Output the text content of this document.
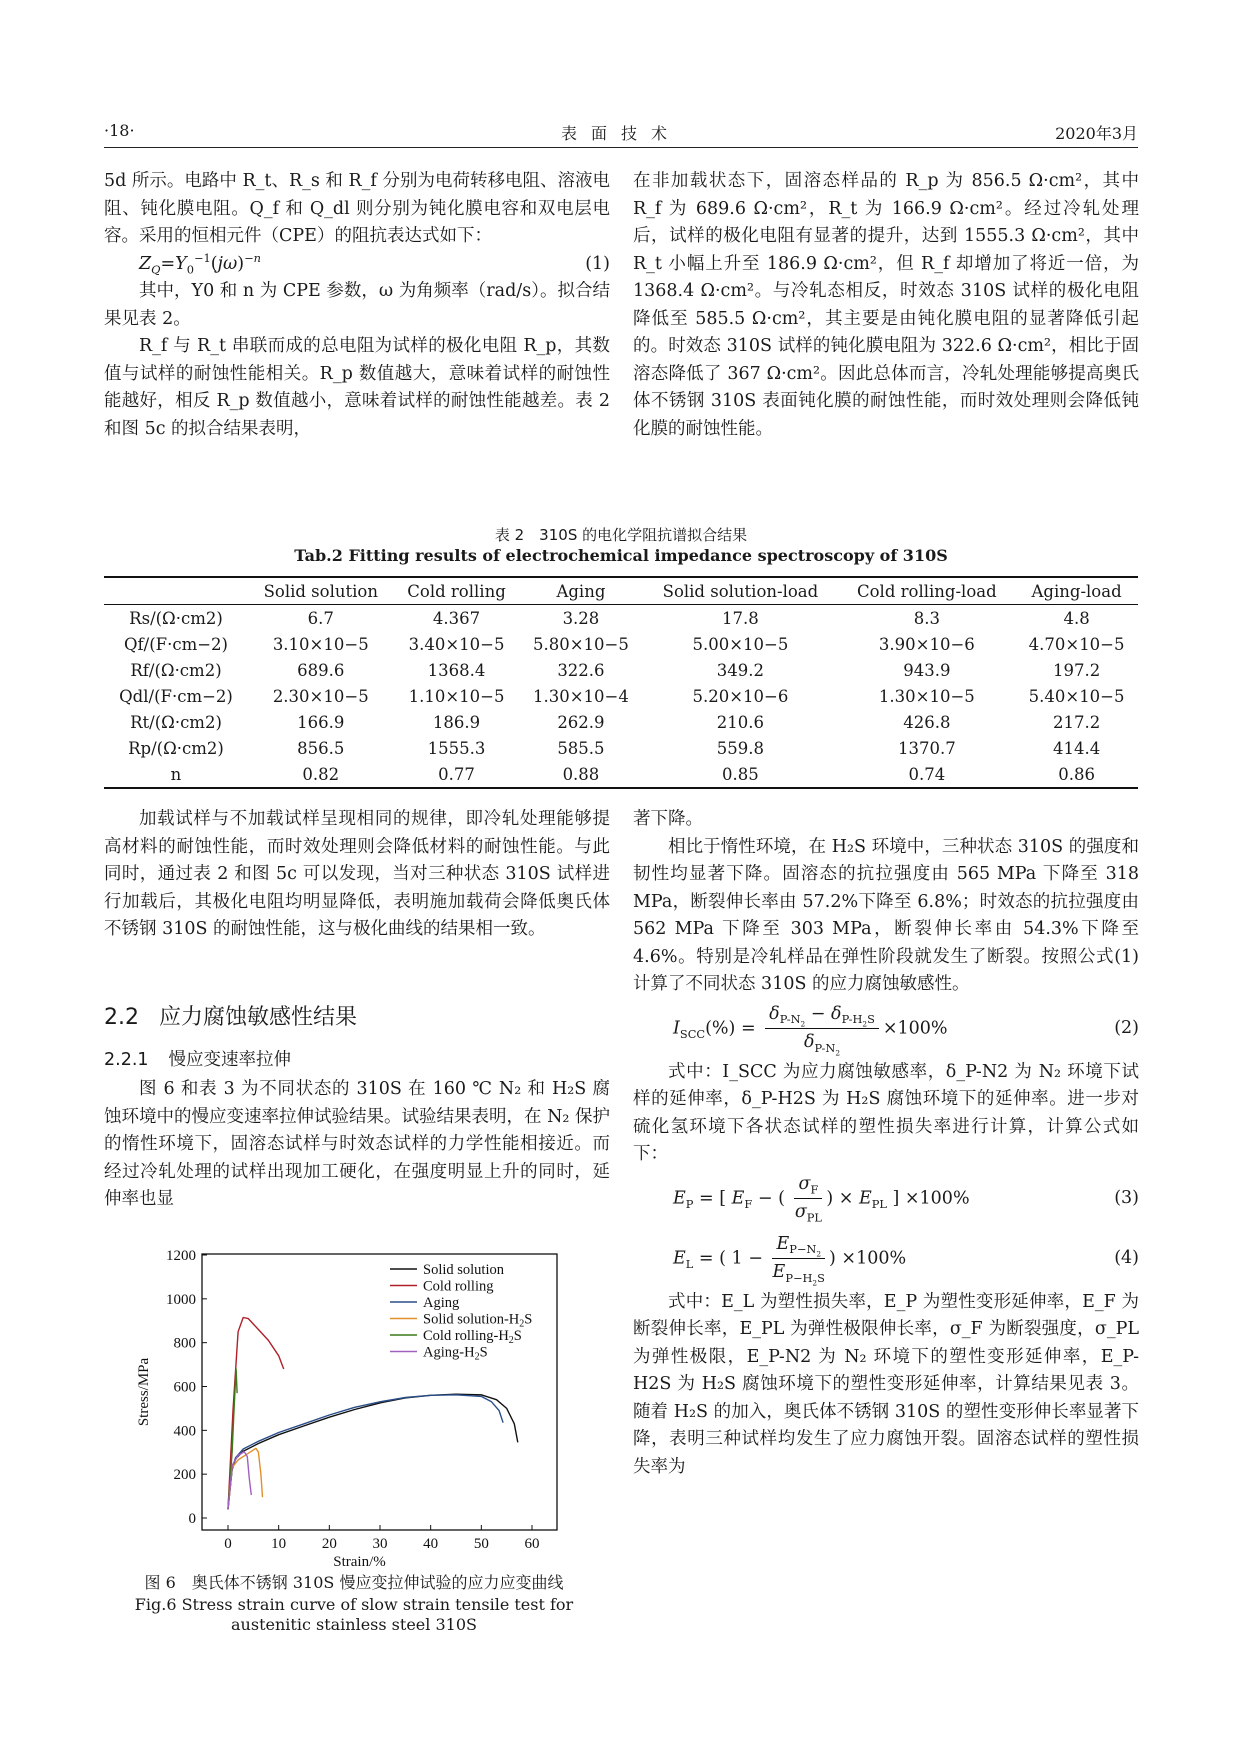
·18·	表面技术	2020年3月

5d 所示。电路中 R_t、R_s 和 R_f 分别为电荷转移电阻、溶液电阻、钝化膜电阻。Q_f 和 Q_dl 则分别为钝化膜电容和双电层电容。采用的恒相元件（CPE）的阻抗表达式如下：

$Z_Q=Y_0^{-1}(j\omega)^{-n}$	(1)

其中，Y0 和 n 为 CPE 参数，ω 为角频率（rad/s）。拟合结果见表 2。

R_f 与 R_t 串联而成的总电阻为试样的极化电阻 R_p，其数值与试样的耐蚀性能相关。R_p 数值越大，意味着试样的耐蚀性能越好，相反 R_p 数值越小，意味着试样的耐蚀性能越差。表 2 和图 5c 的拟合结果表明，

在非加载状态下，固溶态样品的 R_p 为 856.5 Ω·cm²，其中 R_f 为 689.6 Ω·cm²，R_t 为 166.9 Ω·cm²。经过冷轧处理后，试样的极化电阻有显著的提升，达到 1555.3 Ω·cm²，其中 R_t 小幅上升至 186.9 Ω·cm²，但 R_f 却增加了将近一倍，为 1368.4 Ω·cm²。与冷轧态相反，时效态 310S 试样的极化电阻降低至 585.5 Ω·cm²，其主要是由钝化膜电阻的显著降低引起的。时效态 310S 试样的钝化膜电阻为 322.6 Ω·cm²，相比于固溶态降低了 367 Ω·cm²。因此总体而言，冷轧处理能够提高奥氏体不锈钢 310S 表面钝化膜的耐蚀性能，而时效处理则会降低钝化膜的耐蚀性能。

表 2　310S 的电化学阻抗谱拟合结果
Tab.2 Fitting results of electrochemical impedance spectroscopy of 310S
	Solid solution	Cold rolling	Aging	Solid solution-load	Cold rolling-load	Aging-load
Rs/(Ω·cm2)	6.7	4.367	3.28	17.8	8.3	4.8
Qf/(F·cm−2)	3.10×10−5	3.40×10−5	5.80×10−5	5.00×10−5	3.90×10−6	4.70×10−5
Rf/(Ω·cm2)	689.6	1368.4	322.6	349.2	943.9	197.2
Qdl/(F·cm−2)	2.30×10−5	1.10×10−5	1.30×10−4	5.20×10−6	1.30×10−5	5.40×10−5
Rt/(Ω·cm2)	166.9	186.9	262.9	210.6	426.8	217.2
Rp/(Ω·cm2)	856.5	1555.3	585.5	559.8	1370.7	414.4
n	0.82	0.77	0.88	0.85	0.74	0.86

加载试样与不加载试样呈现相同的规律，即冷轧处理能够提高材料的耐蚀性能，而时效处理则会降低材料的耐蚀性能。与此同时，通过表 2 和图 5c 可以发现，当对三种状态 310S 试样进行加载后，其极化电阻均明显降低，表明施加载荷会降低奥氏体不锈钢 310S 的耐蚀性能，这与极化曲线的结果相一致。

2.2 应力腐蚀敏感性结果
2.2.1 慢应变速率拉伸

图 6 和表 3 为不同状态的 310S 在 160 ℃ N₂ 和 H₂S 腐蚀环境中的慢应变速率拉伸试验结果。试验结果表明，在 N₂ 保护的惰性环境下，固溶态试样与时效态试样的力学性能相接近。而经过冷轧处理的试样出现加工硬化，在强度明显上升的同时，延伸率也显

著下降。

相比于惰性环境，在 H₂S 环境中，三种状态 310S 的强度和韧性均显著下降。固溶态的抗拉强度由 565 MPa 下降至 318 MPa，断裂伸长率由 57.2%下降至 6.8%；时效态的抗拉强度由 562 MPa 下降至 303 MPa，断裂伸长率由 54.3%下降至 4.6%。特别是冷轧样品在弹性阶段就发生了断裂。按照公式(1)计算了不同状态 310S 的应力腐蚀敏感性。

$I_{SCC}(\%) = \frac{\delta_{P-N_2} - \delta_{P-H_2S}}{\delta_{P-N_2}} \times 100\%$	(2)

式中：I_SCC 为应力腐蚀敏感率，δ_P-N2 为 N₂ 环境下试样的延伸率，δ_P-H2S 为 H₂S 腐蚀环境下的延伸率。进一步对硫化氢环境下各状态试样的塑性损失率进行计算，计算公式如下：

$E_P$ = [ $E_F$ − ( $\frac{\sigma_F}{\sigma_{PL}}$ ) × $E_{PL}$ ] ×100%	(3)
$E_L$ = ( $1 - \frac{E_{P-N_2}}{E_{P-H_2S}}$ ) ×100%	(4)

式中：E_L 为塑性损失率，E_P 为塑性变形延伸率，E_F 为断裂伸长率，E_PL 为弹性极限伸长率，σ_F 为断裂强度，σ_PL 为弹性极限，E_P-N2 为 N₂ 环境下的塑性变形延伸率，E_P-H2S 为 H₂S 腐蚀环境下的塑性变形延伸率，计算结果见表 3。随着 H₂S 的加入，奥氏体不锈钢 310S 的塑性变形伸长率显著下降，表明三种试样均发生了应力腐蚀开裂。固溶态试样的塑性损失率为

0
200
400
600
800
1000
1200
0	10 20 30 40 50 60
Strain/%
Stress/MPa
Solid solution
Cold rolling
Aging
Solid solution-$H_2S$
Cold rolling-$H_2S$
Aging-$H_2S$
图 6　奥氏体不锈钢 310S 慢应变拉伸试验的应力应变曲线
Fig.6 Stress strain curve of slow strain tensile test for
austenitic stainless steel 310S
